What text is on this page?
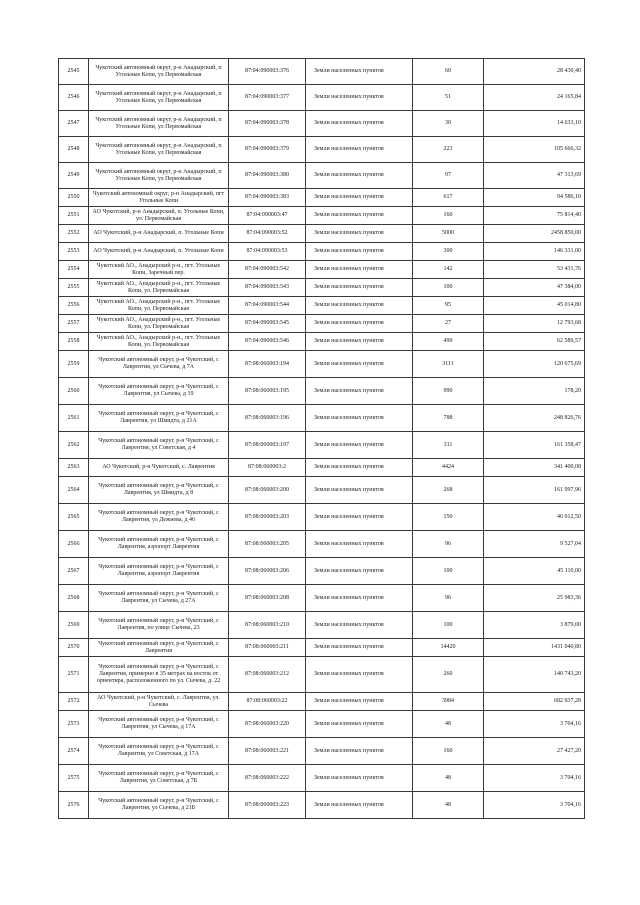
2545	Чукотский автономный округ, р-н Анадырский, п Угольные Копи, ул Первомайская	87:04:090003:376	Земли населенных пунктов	60	28 430,40
2546	Чукотский автономный округ, р-н Анадырский, п Угольные Копи, ул Первомайская	87:04:090003:377	Земли населенных пунктов	51	24 165,84
2547	Чукотский автономный округ, р-н Анадырский, п Угольные Копи, ул Первомайская	87:04:090003:378	Земли населенных пунктов	30	14 633,10
2548	Чукотский автономный округ, р-н Анадырский, п Угольные Копи, ул Первомайская	87:04:090003:379	Земли населенных пунктов	223	105 666,32
2549	Чукотский автономный округ, р-н Анадырский, п Угольные Копи, ул Первомайская	87:04:090003:380	Земли населенных пунктов	97	47 313,69
2550	Чукотский автономный округ, р-н Анадырский, пгт Угольные Копи	87:04:090003:383	Земли населенных пунктов	617	94 586,10
2551	АО Чукотский, р-н Анадырский, п. Угольные Копи, ул. Первомайская	87:04:090003:47	Земли населенных пунктов	160	75 814,40
2552	АО Чукотский, р-н Анадырский, п. Угольные Копи	87:04:090003:52	Земли населенных пунктов	5000	2458 850,00
2553	АО Чукотский, р-н Анадырский, п. Угольные Копи	87:04:090003:53	Земли населенных пунктов	300	146 331,00
2554	Чукотский АО., Анадырский р-н., пгт. Угольные Копи, Заречный пер.	87:04:090003:542	Земли населенных пунктов	142	53 431,76
2555	Чукотский АО., Анадырский р-н., пгт. Угольные Копи, ул. Первомайская	87:04:090003:543	Земли населенных пунктов	100	47 384,00
2556	Чукотский АО., Анадырский р-н., пгт. Угольные Копи, ул. Первомайская	87:04:090003:544	Земли населенных пунктов	95	45 014,80
2557	Чукотский АО., Анадырский р-н., пгт. Угольные Копи, ул. Первомайская	87:04:090003:545	Земли населенных пунктов	27	12 793,68
2558	Чукотский АО., Анадырский р-н., пгт. Угольные Копи, ул. Первомайская	87:04:090003:546	Земли населенных пунктов	499	62 589,57
2559	Чукотский автономный округ, р-н Чукотский, с Лаврентия, ул Сычева, д 7А	87:08:060003:194	Земли населенных пунктов	3111	120 675,69
2560	Чукотский автономный округ, р-н Чукотский, с Лаврентия, ул Сычева, д 19	87:08:060003:195	Земли населенных пунктов	990	178,20
2561	Чукотский автономный округ, р-н Чукотский, с Лаврентия, ул Шмидта, д 21А	87:08:060003:196	Земли населенных пунктов	788	248 826,76
2562	Чукотский автономный округ, р-н Чукотский, с Лаврентия, ул Советская, д 4	87:08:060003:197	Земли населенных пунктов	311	161 358,47
2563	АО Чукотский, р-н Чукотский, с. Лаврентия	87:08:060003:2	Земли населенных пунктов	4424	341 400,08
2564	Чукотский автономный округ, р-н Чукотский, с Лаврентия, ул Шмидта, д 8	87:08:060003:200	Земли населенных пунктов	268	161 997,96
2565	Чукотский автономный округ, р-н Чукотский, с Лаврентия, ул Дежнева, д 46	87:08:060003:203	Земли населенных пунктов	150	46 012,50
2566	Чукотский автономный округ, р-н Чукотский, с Лаврентия, аэропорт Лаврентия	87:08:060003:205	Земли населенных пунктов	96	9 527,04
2567	Чукотский автономный округ, р-н Чукотский, с Лаврентия, аэропорт Лаврентия	87:08:060003:206	Земли населенных пунктов	100	45 110,00
2568	Чукотский автономный округ, р-н Чукотский, с Лаврентия, ул Сычева, д 27А	87:08:060003:208	Земли населенных пунктов	96	25 983,36
2569	Чукотский автономный округ, р-н Чукотский, с Лаврентия, по улице Сычева, 23	87:08:060003:210	Земли населенных пунктов	100	3 879,00
2570	Чукотский автономный округ, р-н Чукотский, с Лаврентия	87:08:060003:211	Земли населенных пунктов	14420	1431 040,80
2571	Чукотский автономный округ, р-н Чукотский, с Лаврентия, примерно в 35 метрах на восток от ориентира, расположенного по ул. Сычева, д. 22	87:08:060003:212	Земли населенных пунктов	260	140 743,20
2572	АО Чукотский, р-н Чукотский, с. Лаврентия, ул. Сычева	87:08:060003:22	Земли населенных пунктов	3984	682 937,28
2573	Чукотский автономный округ, р-н Чукотский, с Лаврентия, ул Сычева, д 17А	87:08:060003:220	Земли населенных пунктов	48	3 704,16
2574	Чукотский автономный округ, р-н Чукотский, с Лаврентия, ул Советская, д 17А	87:08:060003:221	Земли населенных пунктов	160	27 427,20
2575	Чукотский автономный округ, р-н Чукотский, с Лаврентия, ул Советская, д 7Б	87:08:060003:222	Земли населенных пунктов	48	3 704,16
2576	Чукотский автономный округ, р-н Чукотский, с Лаврентия, ул Сычева, д 21Б	87:08:060003:223	Земли населенных пунктов	48	3 704,16
